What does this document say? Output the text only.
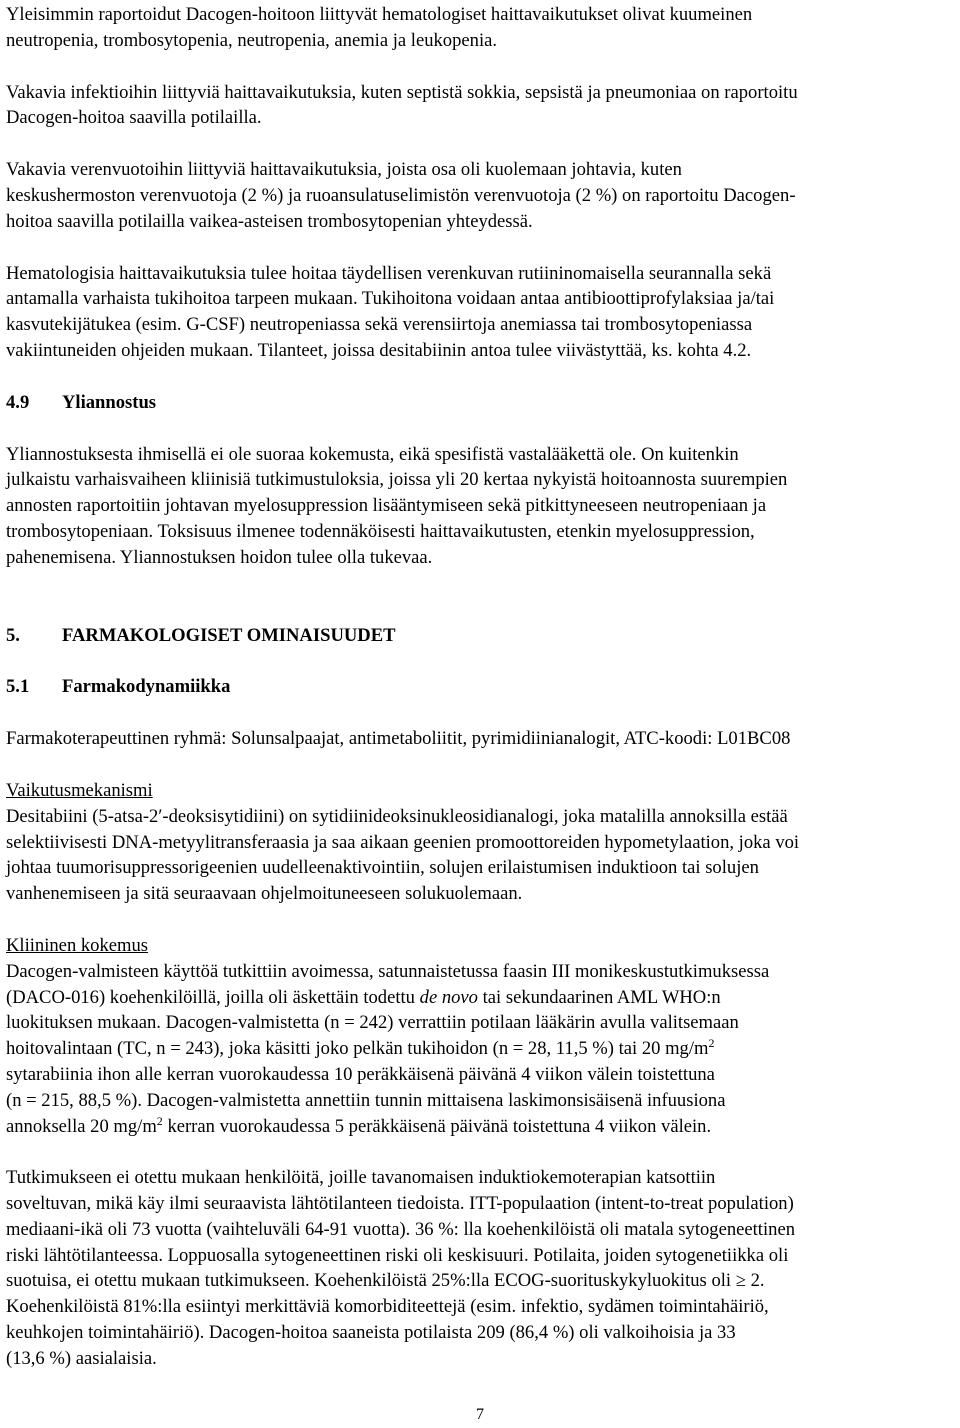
Yleisimmin raportoidut Dacogen-hoitoon liittyvät hematologiset haittavaikutukset olivat kuumeinen
neutropenia, trombosytopenia, neutropenia, anemia ja leukopenia.
Vakavia infektioihin liittyviä haittavaikutuksia, kuten septistä sokkia, sepsistä ja pneumoniaa on raportoitu
Dacogen-hoitoa saavilla potilailla.
Vakavia verenvuotoihin liittyviä haittavaikutuksia, joista osa oli kuolemaan johtavia, kuten
keskushermoston verenvuotoja (2 %) ja ruoansulatuselimistön verenvuotoja (2 %) on raportoitu Dacogen-
hoitoa saavilla potilailla vaikea-asteisen trombosytopenian yhteydessä.
Hematologisia haittavaikutuksia tulee hoitaa täydellisen verenkuvan rutiininomaisella seurannalla sekä
antamalla varhaista tukihoitoa tarpeen mukaan. Tukihoitona voidaan antaa antibioottiprofylaksiaa ja/tai
kasvutekijätukea (esim. G-CSF) neutropeniassa sekä verensiirtoja anemiassa tai trombosytopeniassa
vakiintuneiden ohjeiden mukaan. Tilanteet, joissa desitabiinin antoa tulee viivästyttää, ks. kohta 4.2.
4.9 Yliannostus
Yliannostuksesta ihmisellä ei ole suoraa kokemusta, eikä spesifistä vastalääkettä ole. On kuitenkin
julkaistu varhaisvaiheen kliinisiä tutkimustuloksia, joissa yli 20 kertaa nykyistä hoitoannosta suurempien
annosten raportoitiin johtavan myelosuppression lisääntymiseen sekä pitkittyneeseen neutropeniaan ja
trombosytopeniaan. Toksisuus ilmenee todennäköisesti haittavaikutusten, etenkin myelosuppression,
pahenemisena. Yliannostuksen hoidon tulee olla tukevaa.
5. FARMAKOLOGISET OMINAISUUDET
5.1 Farmakodynamiikka
Farmakoterapeuttinen ryhmä: Solunsalpaajat, antimetaboliitit, pyrimidiinianalogit, ATC-koodi: L01BC08
Vaikutusmekanismi
Desitabiini (5-atsa-2′-deoksisytidiini) on sytidiinideoksinukleosidianalogi, joka matalilla annoksilla estää
selektiivisesti DNA-metyylitransferaasia ja saa aikaan geenien promoottoreiden hypometylaation, joka voi
johtaa tuumorisuppressorigeenien uudelleenaktivointiin, solujen erilaistumisen induktioon tai solujen
vanhenemiseen ja sitä seuraavaan ohjelmoituneeseen solukuolemaan.
Kliininen kokemus
Dacogen-valmisteen käyttöä tutkittiin avoimessa, satunnaistetussa faasin III monikeskustutkimuksessa
(DACO-016) koehenkilöillä, joilla oli äskettäin todettu de novo tai sekundaarinen AML WHO:n
luokituksen mukaan. Dacogen-valmistetta (n = 242) verrattiin potilaan lääkärin avulla valitsemaan
hoitovalintaan (TC, n = 243), joka käsitti joko pelkän tukihoidon (n = 28, 11,5 %) tai 20 $mg/m^2$
sytarabiinia ihon alle kerran vuorokaudessa 10 peräkkäisenä päivänä 4 viikon välein toistettuna
(n = 215, 88,5 %). Dacogen-valmistetta annettiin tunnin mittaisena laskimonsisäisenä infuusiona
annoksella 20 $mg/m^2$ kerran vuorokaudessa 5 peräkkäisenä päivänä toistettuna 4 viikon välein.
Tutkimukseen ei otettu mukaan henkilöitä, joille tavanomaisen induktiokemoterapian katsottiin
soveltuvan, mikä käy ilmi seuraavista lähtötilanteen tiedoista. ITT-populaation (intent-to-treat population)
mediaani-ikä oli 73 vuotta (vaihteluväli 64-91 vuotta). 36 %: lla koehenkilöistä oli matala sytogeneettinen
riski lähtötilanteessa. Loppuosalla sytogeneettinen riski oli keskisuuri. Potilaita, joiden sytogenetiikka oli
suotuisa, ei otettu mukaan tutkimukseen. Koehenkilöistä 25%:lla ECOG-suorituskykyluokitus oli ≥ 2.
Koehenkilöistä 81%:lla esiintyi merkittäviä komorbiditeettejä (esim. infektio, sydämen toimintahäiriö,
keuhkojen toimintahäiriö). Dacogen-hoitoa saaneista potilaista 209 (86,4 %) oli valkoihoisia ja 33
(13,6 %) aasialaisia.
7
